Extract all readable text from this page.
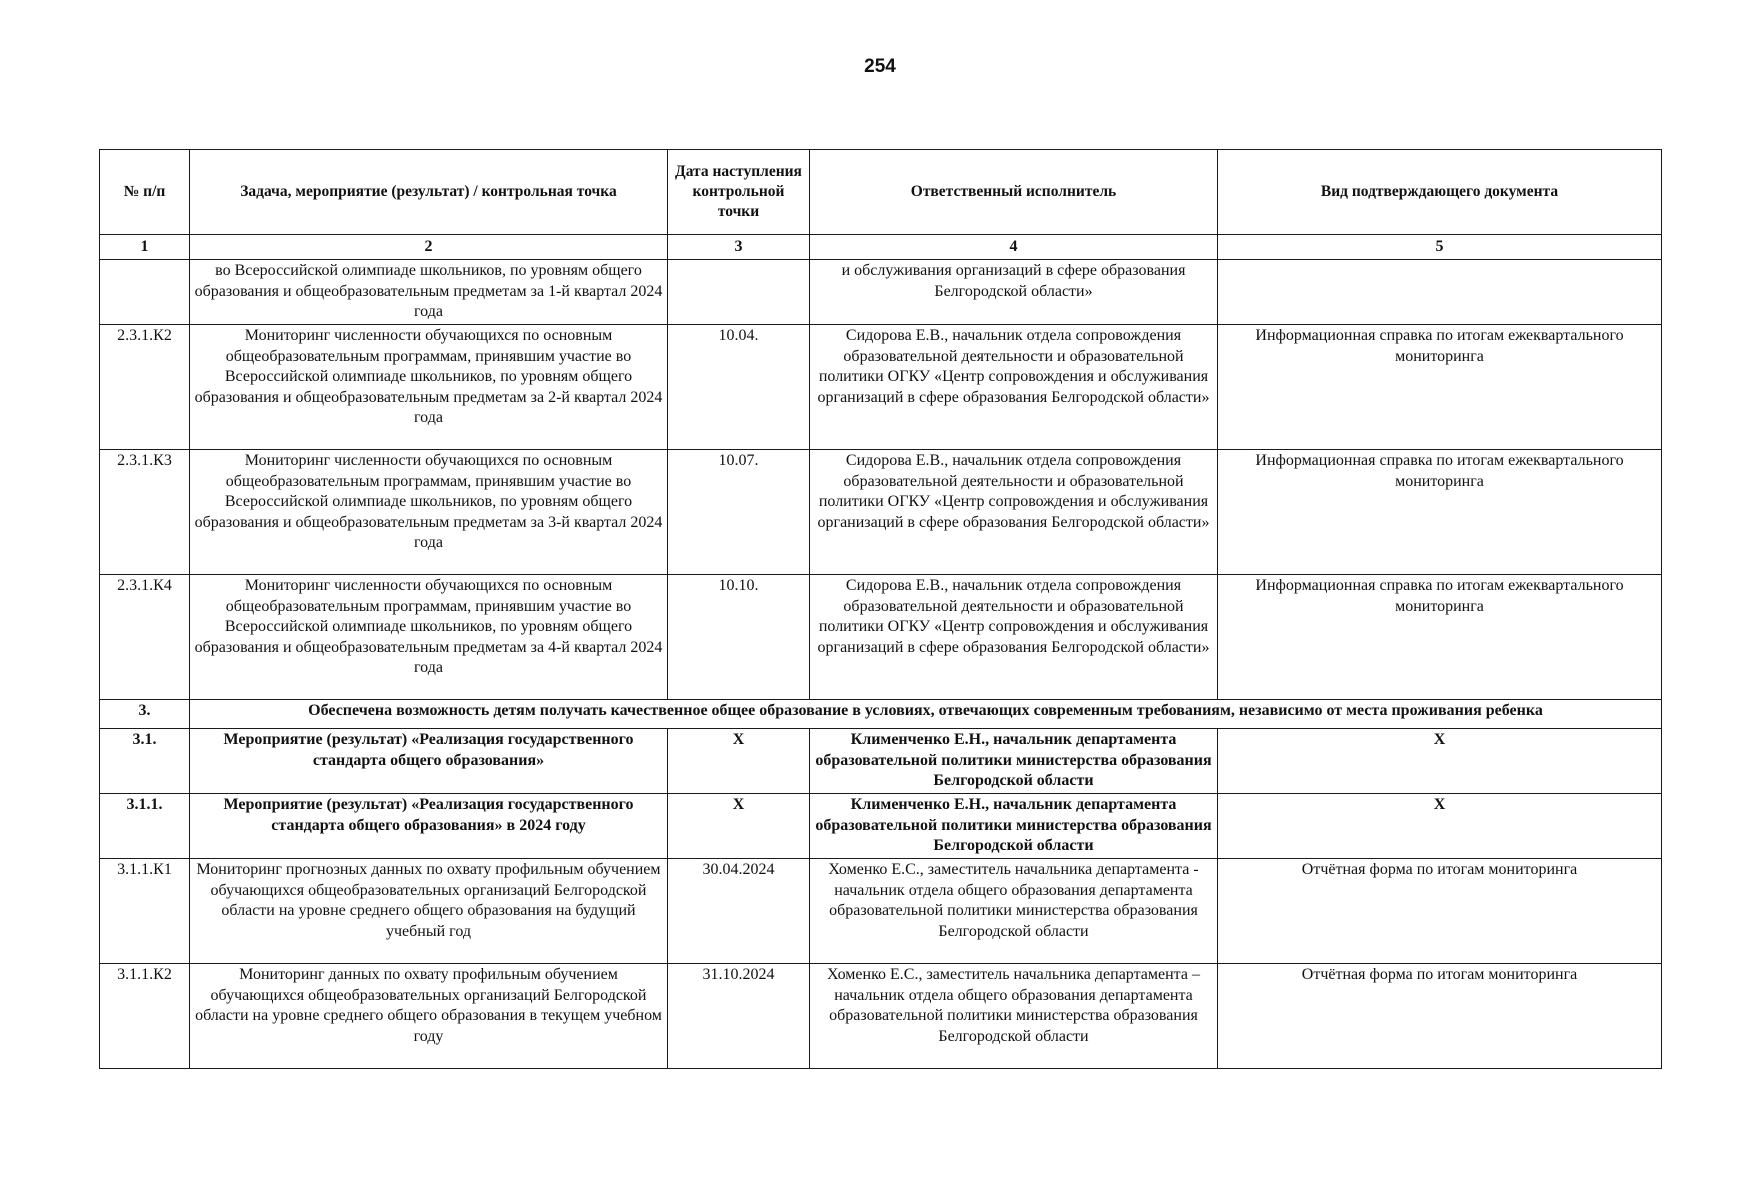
254
№ п/п	Задача, мероприятие (результат) / контрольная точка	Дата наступления контрольной точки	Ответственный исполнитель	Вид подтверждающего документа
1	2	3	4	5
	во Всероссийской олимпиаде школьников, по уровням общего образования и общеобразовательным предметам за 1-й квартал 2024 года		и обслуживания организаций в сфере образования Белгородской области»	
2.3.1.К2	Мониторинг численности обучающихся по основным общеобразовательным программам, принявшим участие во Всероссийской олимпиаде школьников, по уровням общего образования и общеобразовательным предметам за 2-й квартал 2024 года	10.04.	Сидорова Е.В., начальник отдела сопровождения образовательной деятельности и образовательной политики ОГКУ «Центр сопровождения и обслуживания организаций в сфере образования Белгородской области»	Информационная справка по итогам ежеквартального мониторинга
2.3.1.К3	Мониторинг численности обучающихся по основным общеобразовательным программам, принявшим участие во Всероссийской олимпиаде школьников, по уровням общего образования и общеобразовательным предметам за 3-й квартал 2024 года	10.07.	Сидорова Е.В., начальник отдела сопровождения образовательной деятельности и образовательной политики ОГКУ «Центр сопровождения и обслуживания организаций в сфере образования Белгородской области»	Информационная справка по итогам ежеквартального мониторинга
2.3.1.К4	Мониторинг численности обучающихся по основным общеобразовательным программам, принявшим участие во Всероссийской олимпиаде школьников, по уровням общего образования и общеобразовательным предметам за 4-й квартал 2024 года	10.10.	Сидорова Е.В., начальник отдела сопровождения образовательной деятельности и образовательной политики ОГКУ «Центр сопровождения и обслуживания организаций в сфере образования Белгородской области»	Информационная справка по итогам ежеквартального мониторинга
3.	Обеспечена возможность детям получать качественное общее образование в условиях, отвечающих современным требованиям, независимо от места проживания ребенка			
3.1.	Мероприятие (результат) «Реализация государственного стандарта общего образования»	Х	Клименченко Е.Н., начальник департамента образовательной политики министерства образования Белгородской области	Х
3.1.1.	Мероприятие (результат) «Реализация государственного стандарта общего образования» в 2024 году	Х	Клименченко Е.Н., начальник департамента образовательной политики министерства образования Белгородской области	Х
3.1.1.К1	Мониторинг прогнозных данных по охвату профильным обучением обучающихся общеобразовательных организаций Белгородской области на уровне среднего общего образования на будущий учебный год	30.04.2024	Хоменко Е.С., заместитель начальника департамента - начальник отдела общего образования департамента образовательной политики министерства образования Белгородской области	Отчётная форма по итогам мониторинга
3.1.1.К2	Мониторинг данных по охвату профильным обучением обучающихся общеобразовательных организаций Белгородской области на уровне среднего общего образования в текущем учебном году	31.10.2024	Хоменко Е.С., заместитель начальника департамента – начальник отдела общего образования департамента образовательной политики министерства образования Белгородской области	Отчётная форма по итогам мониторинга
